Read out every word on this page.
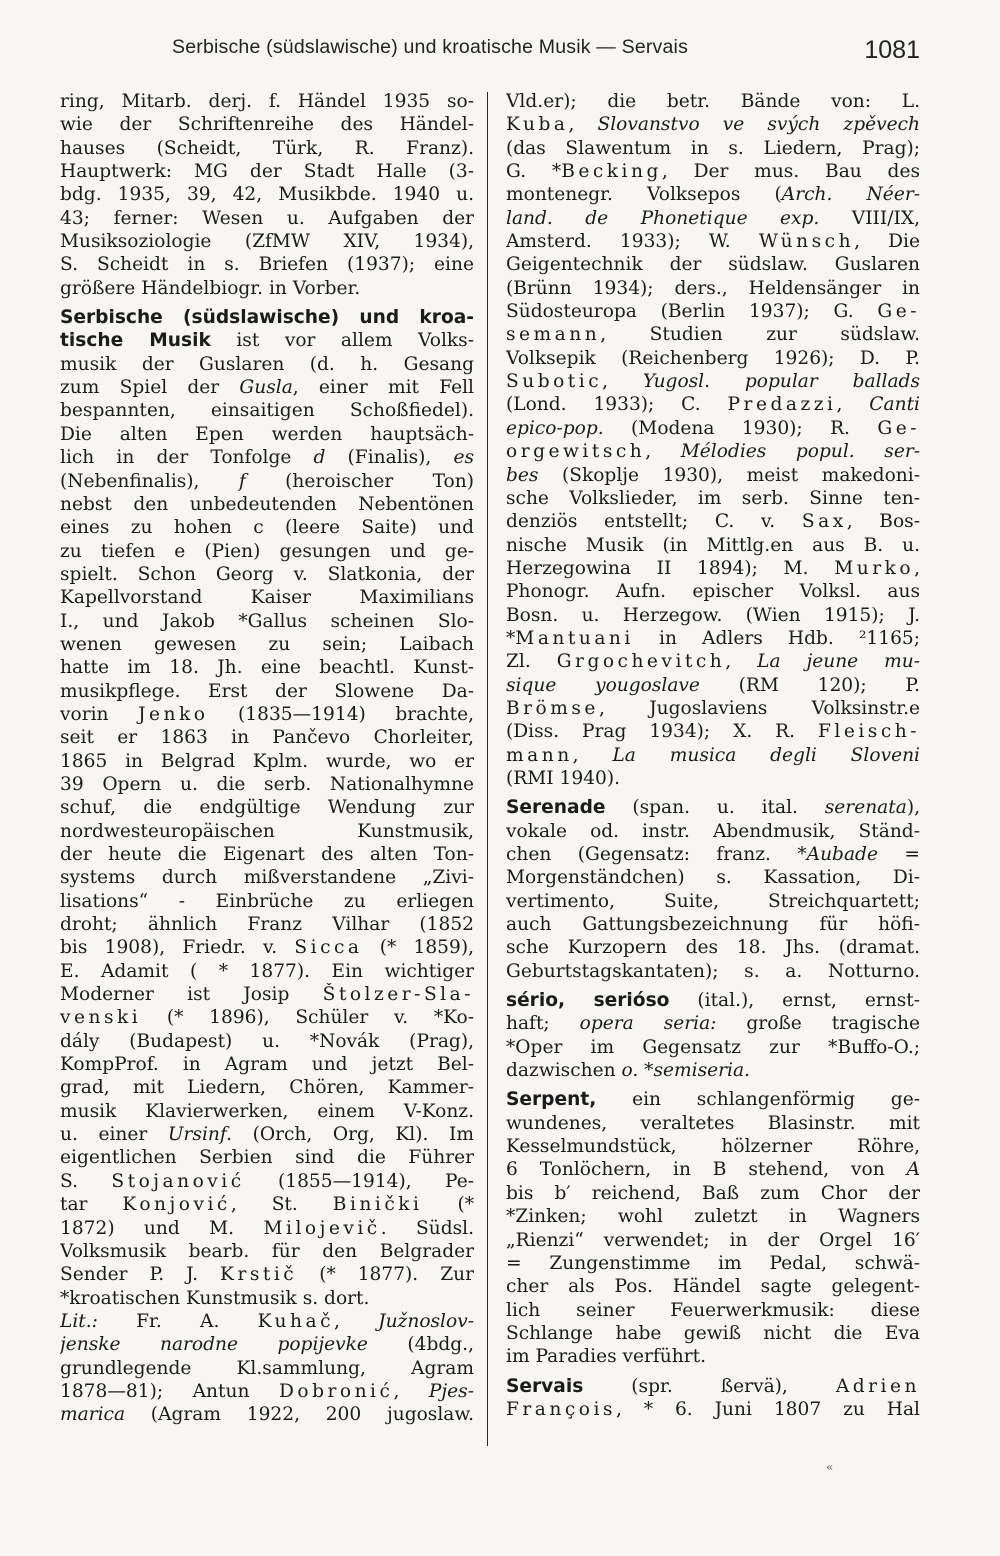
Serbische (südslawische) und kroatische Musik — Servais	1081
ring, Mitarb. derj. f. Händel 1935 so-
wie der Schriftenreihe des Händel-
hauses (Scheidt, Türk, R. Franz).
Hauptwerk: MG der Stadt Halle (3-
bdg. 1935, 39, 42, Musikbde. 1940 u.
43; ferner: Wesen u. Aufgaben der
Musiksoziologie (ZfMW XIV, 1934),
S. Scheidt in s. Briefen (1937); eine
größere Händelbiogr. in Vorber.
Serbische (südslawische) und kroa-
tische Musik ist vor allem Volks-
musik der Guslaren (d. h. Gesang
zum Spiel der Gusla, einer mit Fell
bespannten, einsaitigen Schoßfiedel).
Die alten Epen werden hauptsäch-
lich in der Tonfolge d (Finalis), es
(Nebenfinalis), f (heroischer Ton)
nebst den unbedeutenden Nebentönen
eines zu hohen c (leere Saite) und
zu tiefen e (Pien) gesungen und ge-
spielt. Schon Georg v. Slatkonia, der
Kapellvorstand Kaiser Maximilians
I., und Jakob *Gallus scheinen Slo-
wenen gewesen zu sein; Laibach
hatte im 18. Jh. eine beachtl. Kunst-
musikpflege. Erst der Slowene Da-
vorin Jenko (1835—1914) brachte,
seit er 1863 in Pančevo Chorleiter,
1865 in Belgrad Kplm. wurde, wo er
39 Opern u. die serb. Nationalhymne
schuf, die endgültige Wendung zur
nordwesteuropäischen Kunstmusik,
der heute die Eigenart des alten Ton-
systems durch mißverstandene „Zivi-
lisations“ - Einbrüche zu erliegen
droht; ähnlich Franz Vilhar (1852
bis 1908), Friedr. v. Sicca (* 1859),
E. Adamit ( * 1877). Ein wichtiger
Moderner ist Josip Štolzer-Sla-
venski (* 1896), Schüler v. *Ko-
dály (Budapest) u. *Novák (Prag),
KompProf. in Agram und jetzt Bel-
grad, mit Liedern, Chören, Kammer-
musik Klavierwerken, einem V-Konz.
u. einer Ursinf. (Orch, Org, Kl). Im
eigentlichen Serbien sind die Führer
S. Stojanović (1855—1914), Pe-
tar Konjović, St. Binički (*
1872) und M. Milojevič. Südsl.
Volksmusik bearb. für den Belgrader
Sender P. J. Krstič (* 1877). Zur
*kroatischen Kunstmusik s. dort.
Lit.: Fr. A. Kuhač, Južnoslov-
jenske narodne popijevke (4bdg.,
grundlegende Kl.sammlung, Agram
1878—81); Antun Dobronić, Pjes-
marica (Agram 1922, 200 jugoslaw.
Vld.er); die betr. Bände von: L.
Kuba, Slovanstvo ve svých zpěvech
(das Slawentum in s. Liedern, Prag);
G. *Becking, Der mus. Bau des
montenegr. Volksepos (Arch. Néer-
land. de Phonetique exp. VIII/IX,
Amsterd. 1933); W. Wünsch, Die
Geigentechnik der südslaw. Guslaren
(Brünn 1934); ders., Heldensänger in
Südosteuropa (Berlin 1937); G. Ge-
semann, Studien zur südslaw.
Volksepik (Reichenberg 1926); D. P.
Subotic, Yugosl. popular ballads
(Lond. 1933); C. Predazzi, Canti
epico-pop. (Modena 1930); R. Ge-
orgewitsch, Mélodies popul. ser-
bes (Skoplje 1930), meist makedoni-
sche Volkslieder, im serb. Sinne ten-
denziös entstellt; C. v. Sax, Bos-
nische Musik (in Mittlg.en aus B. u.
Herzegowina II 1894); M. Murko,
Phonogr. Aufn. epischer Volksl. aus
Bosn. u. Herzegow. (Wien 1915); J.
*Mantuani in Adlers Hdb. ²1165;
Zl. Grgochevitch, La jeune mu-
sique yougoslave (RM 120); P.
Brömse, Jugoslaviens Volksinstr.e
(Diss. Prag 1934); X. R. Fleisch-
mann, La musica degli Sloveni
(RMI 1940).
Serenade (span. u. ital. serenata),
vokale od. instr. Abendmusik, Ständ-
chen (Gegensatz: franz. *Aubade =
Morgenständchen) s. Kassation, Di-
vertimento, Suite, Streichquartett;
auch Gattungsbezeichnung für höfi-
sche Kurzopern des 18. Jhs. (dramat.
Geburtstagskantaten); s. a. Notturno.
sério, serióso (ital.), ernst, ernst-
haft; opera seria: große tragische
*Oper im Gegensatz zur *Buffo-O.;
dazwischen o. *semiseria.
Serpent, ein schlangenförmig ge-
wundenes, veraltetes Blasinstr. mit
Kesselmundstück, hölzerner Röhre,
6 Tonlöchern, in B stehend, von A
bis b′ reichend, Baß zum Chor der
*Zinken; wohl zuletzt in Wagners
„Rienzi“ verwendet; in der Orgel 16′
= Zungenstimme im Pedal, schwä-
cher als Pos. Händel sagte gelegent-
lich seiner Feuerwerkmusik: diese
Schlange habe gewiß nicht die Eva
im Paradies verführt.
Servais (spr. ßervä), Adrien
François, * 6. Juni 1807 zu Hal
«
